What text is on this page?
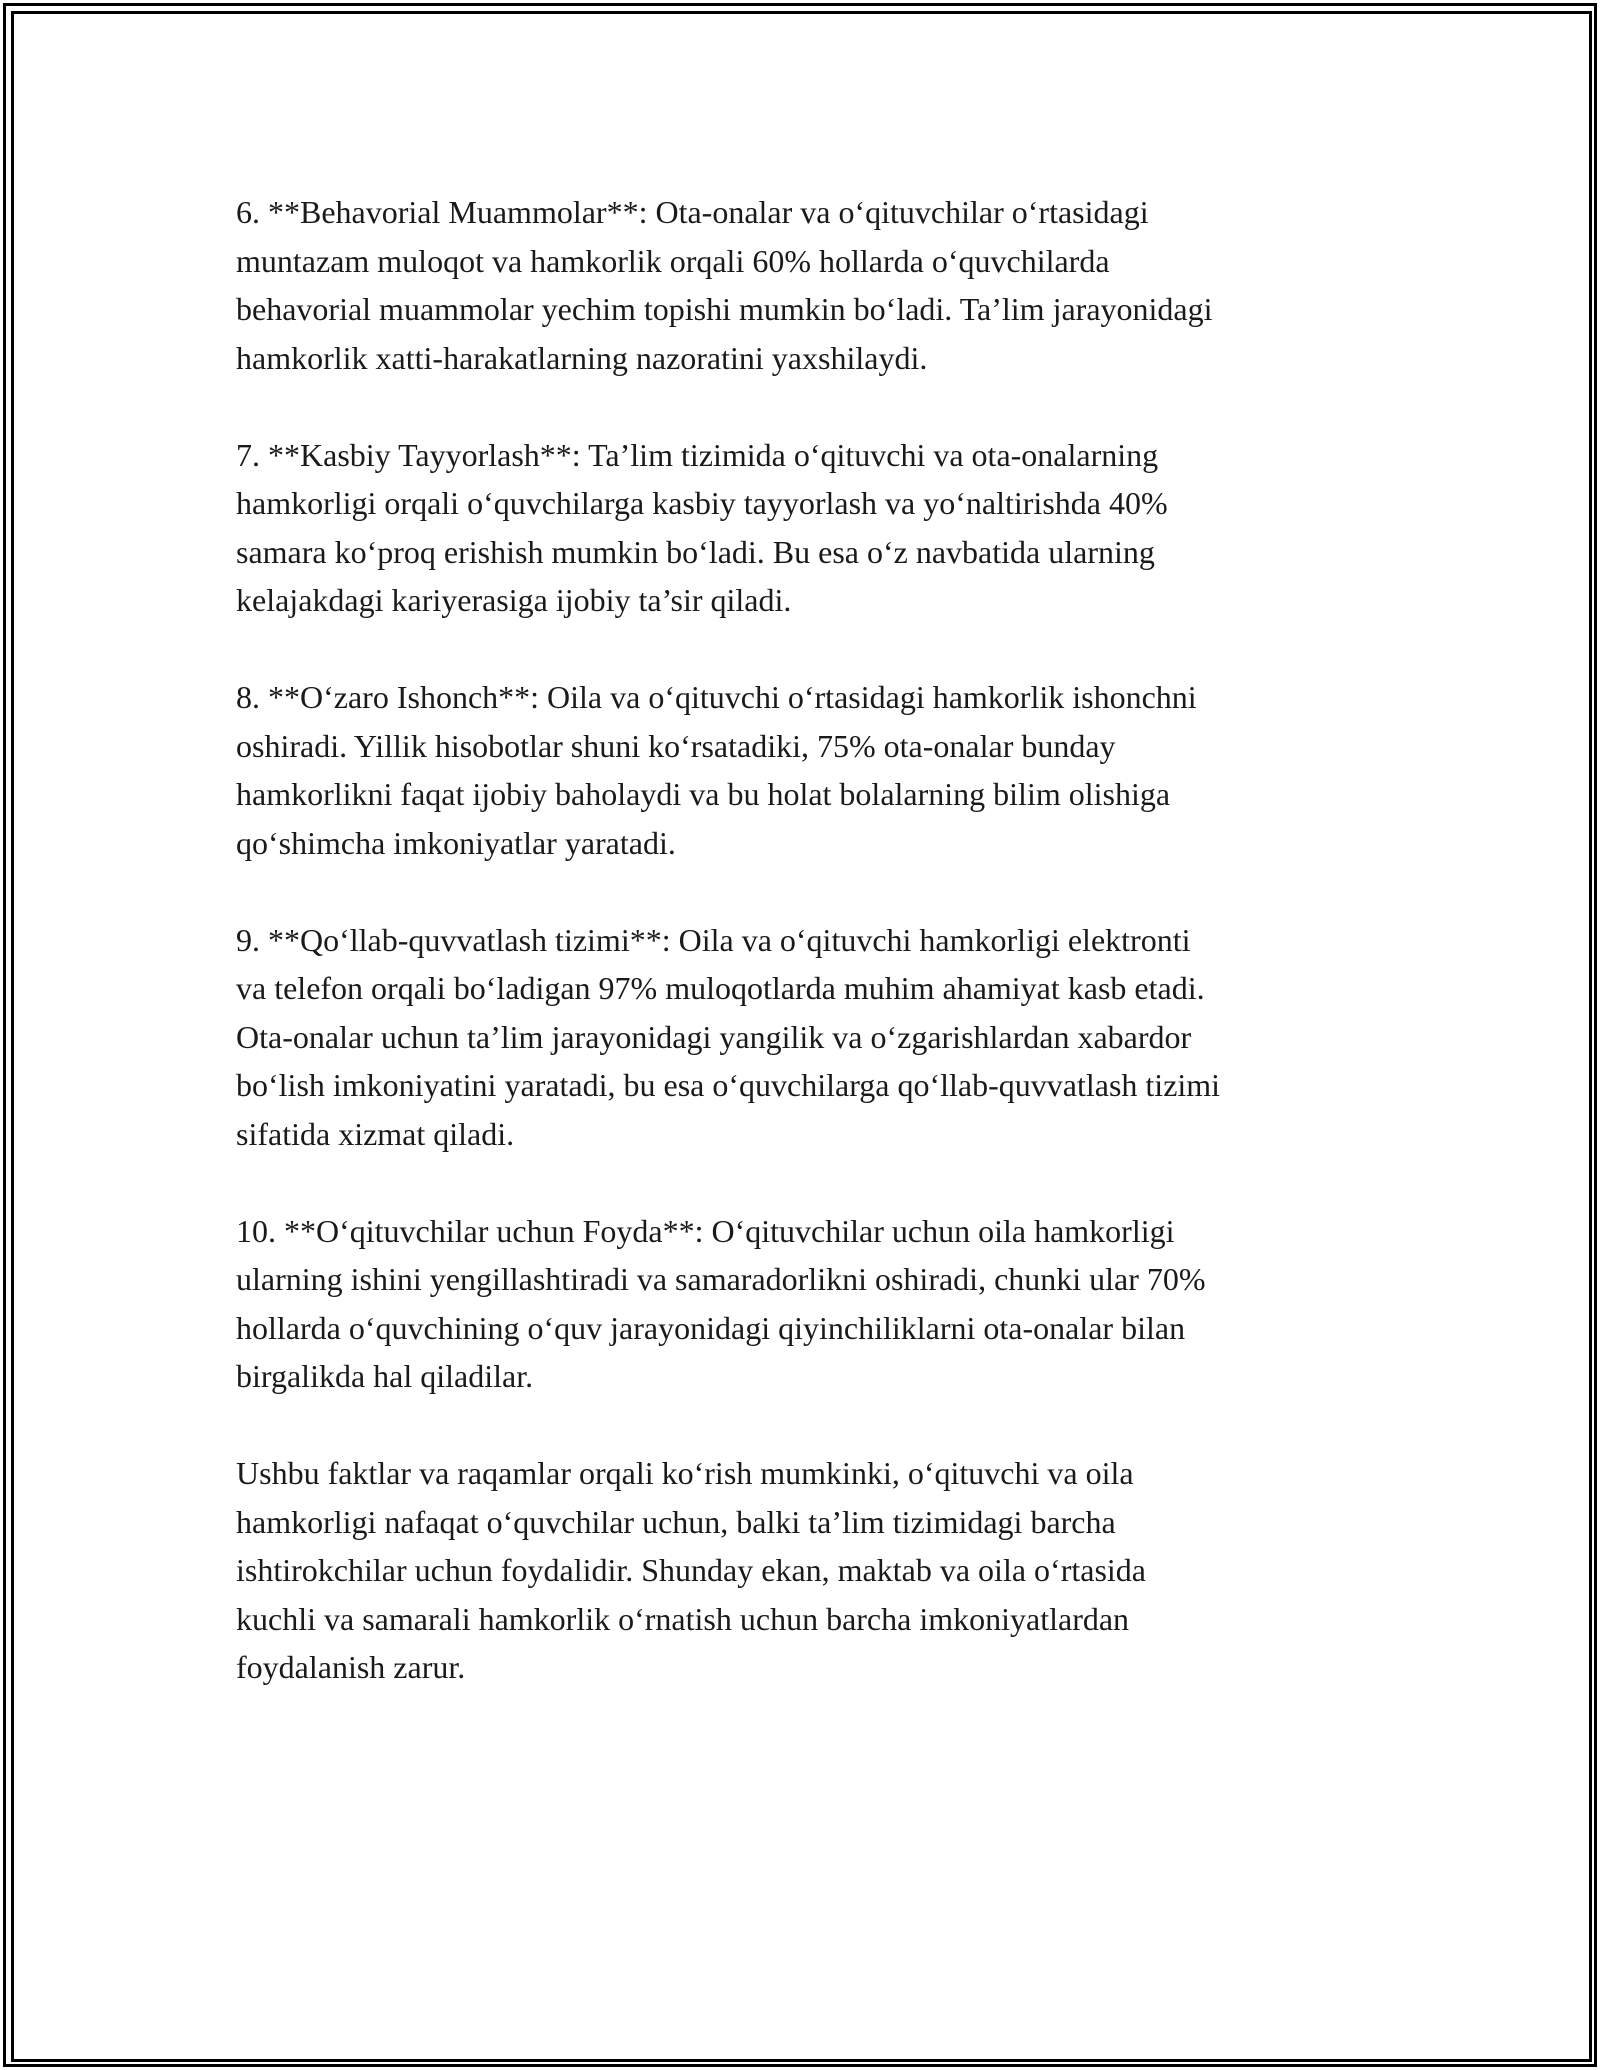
6. **Behavorial Muammolar**: Ota-onalar va o‘qituvchilar o‘rtasidagi
muntazam muloqot va hamkorlik orqali 60% hollarda o‘quvchilarda
behavorial muammolar yechim topishi mumkin bo‘ladi. Ta’lim jarayonidagi
hamkorlik xatti-harakatlarning nazoratini yaxshilaydi.

7. **Kasbiy Tayyorlash**: Ta’lim tizimida o‘qituvchi va ota-onalarning
hamkorligi orqali o‘quvchilarga kasbiy tayyorlash va yo‘naltirishda 40%
samara ko‘proq erishish mumkin bo‘ladi. Bu esa o‘z navbatida ularning
kelajakdagi kariyerasiga ijobiy ta’sir qiladi.

8. **O‘zaro Ishonch**: Oila va o‘qituvchi o‘rtasidagi hamkorlik ishonchni
oshiradi. Yillik hisobotlar shuni ko‘rsatadiki, 75% ota-onalar bunday
hamkorlikni faqat ijobiy baholaydi va bu holat bolalarning bilim olishiga
qo‘shimcha imkoniyatlar yaratadi.

9. **Qo‘llab-quvvatlash tizimi**: Oila va o‘qituvchi hamkorligi elektronti
va telefon orqali bo‘ladigan 97% muloqotlarda muhim ahamiyat kasb etadi.
Ota-onalar uchun ta’lim jarayonidagi yangilik va o‘zgarishlardan xabardor
bo‘lish imkoniyatini yaratadi, bu esa o‘quvchilarga qo‘llab-quvvatlash tizimi
sifatida xizmat qiladi.

10. **O‘qituvchilar uchun Foyda**: O‘qituvchilar uchun oila hamkorligi
ularning ishini yengillashtiradi va samaradorlikni oshiradi, chunki ular 70%
hollarda o‘quvchining o‘quv jarayonidagi qiyinchiliklarni ota-onalar bilan
birgalikda hal qiladilar.

Ushbu faktlar va raqamlar orqali ko‘rish mumkinki, o‘qituvchi va oila
hamkorligi nafaqat o‘quvchilar uchun, balki ta’lim tizimidagi barcha
ishtirokchilar uchun foydalidir. Shunday ekan, maktab va oila o‘rtasida
kuchli va samarali hamkorlik o‘rnatish uchun barcha imkoniyatlardan
foydalanish zarur.
